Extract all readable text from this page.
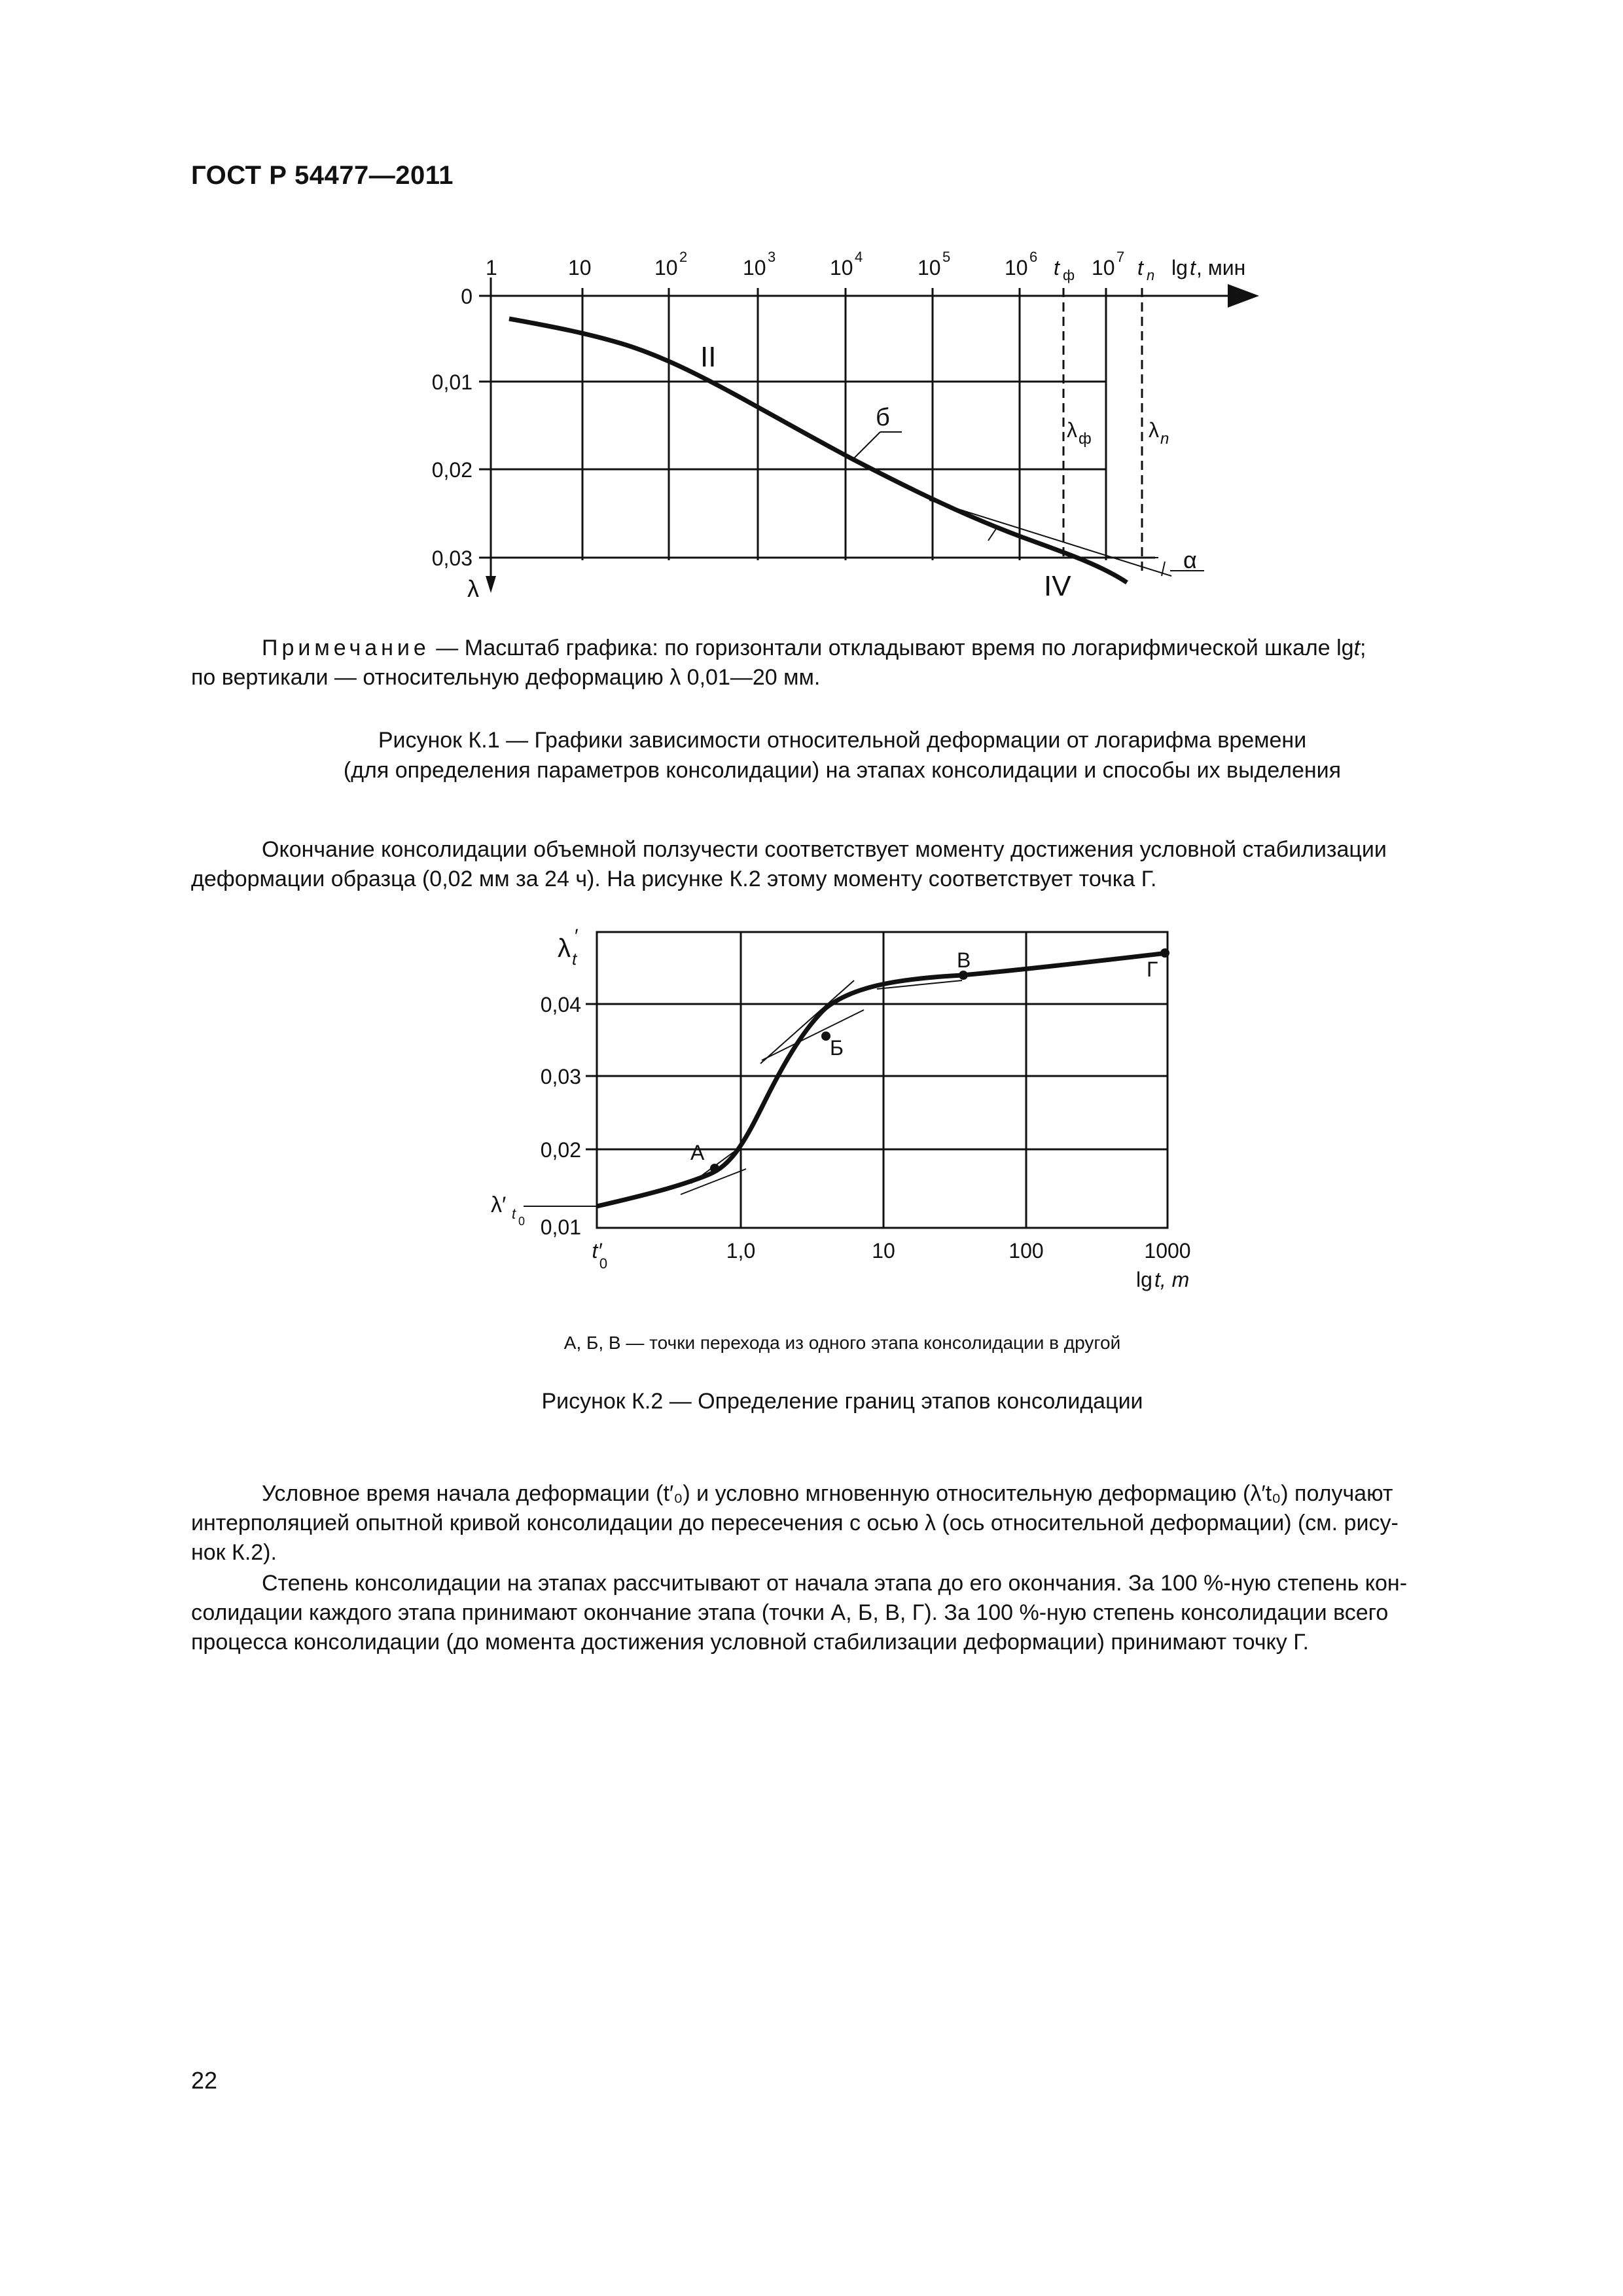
ГОСТ Р 54477—2011
1	10	10 2	10 3	10 4	10 5	10 6 t ф 10 7 t n lg t , мин
0
0,01
0,02
0,03
λ
II
б
IV
λ ф	λ n
α
Примечание — Масштаб графика: по горизонтали откладывают время по логарифмической шкале lgt;
по вертикали — относительную деформацию λ 0,01—20 мм.
Рисунок К.1 — Графики зависимости относительной деформации от логарифма времени
(для определения параметров консолидации) на этапах консолидации и способы их выделения
Окончание консолидации объемной ползучести соответствует моменту достижения условной стабилизации
деформации образца (0,02 мм за 24 ч). На рисунке К.2 этому моменту соответствует точка Г.
А
Б
В	Г
λ t
′
0,04
0,03
0,02
0,01
λ′ t 0
t′
0
1,0	10	100	1000
lg t, m
А, Б, В — точки перехода из одного этапа консолидации в другой
Рисунок К.2 — Определение границ этапов консолидации
Условное время начала деформации (t′₀) и условно мгновенную относительную деформацию (λ′t₀) получают
интерполяцией опытной кривой консолидации до пересечения с осью λ (ось относительной деформации) (см. рису-
нок К.2).
Степень консолидации на этапах рассчитывают от начала этапа до его окончания. За 100 %-ную степень кон-
солидации каждого этапа принимают окончание этапа (точки А, Б, В, Г). За 100 %-ную степень консолидации всего
процесса консолидации (до момента достижения условной стабилизации деформации) принимают точку Г.
22
